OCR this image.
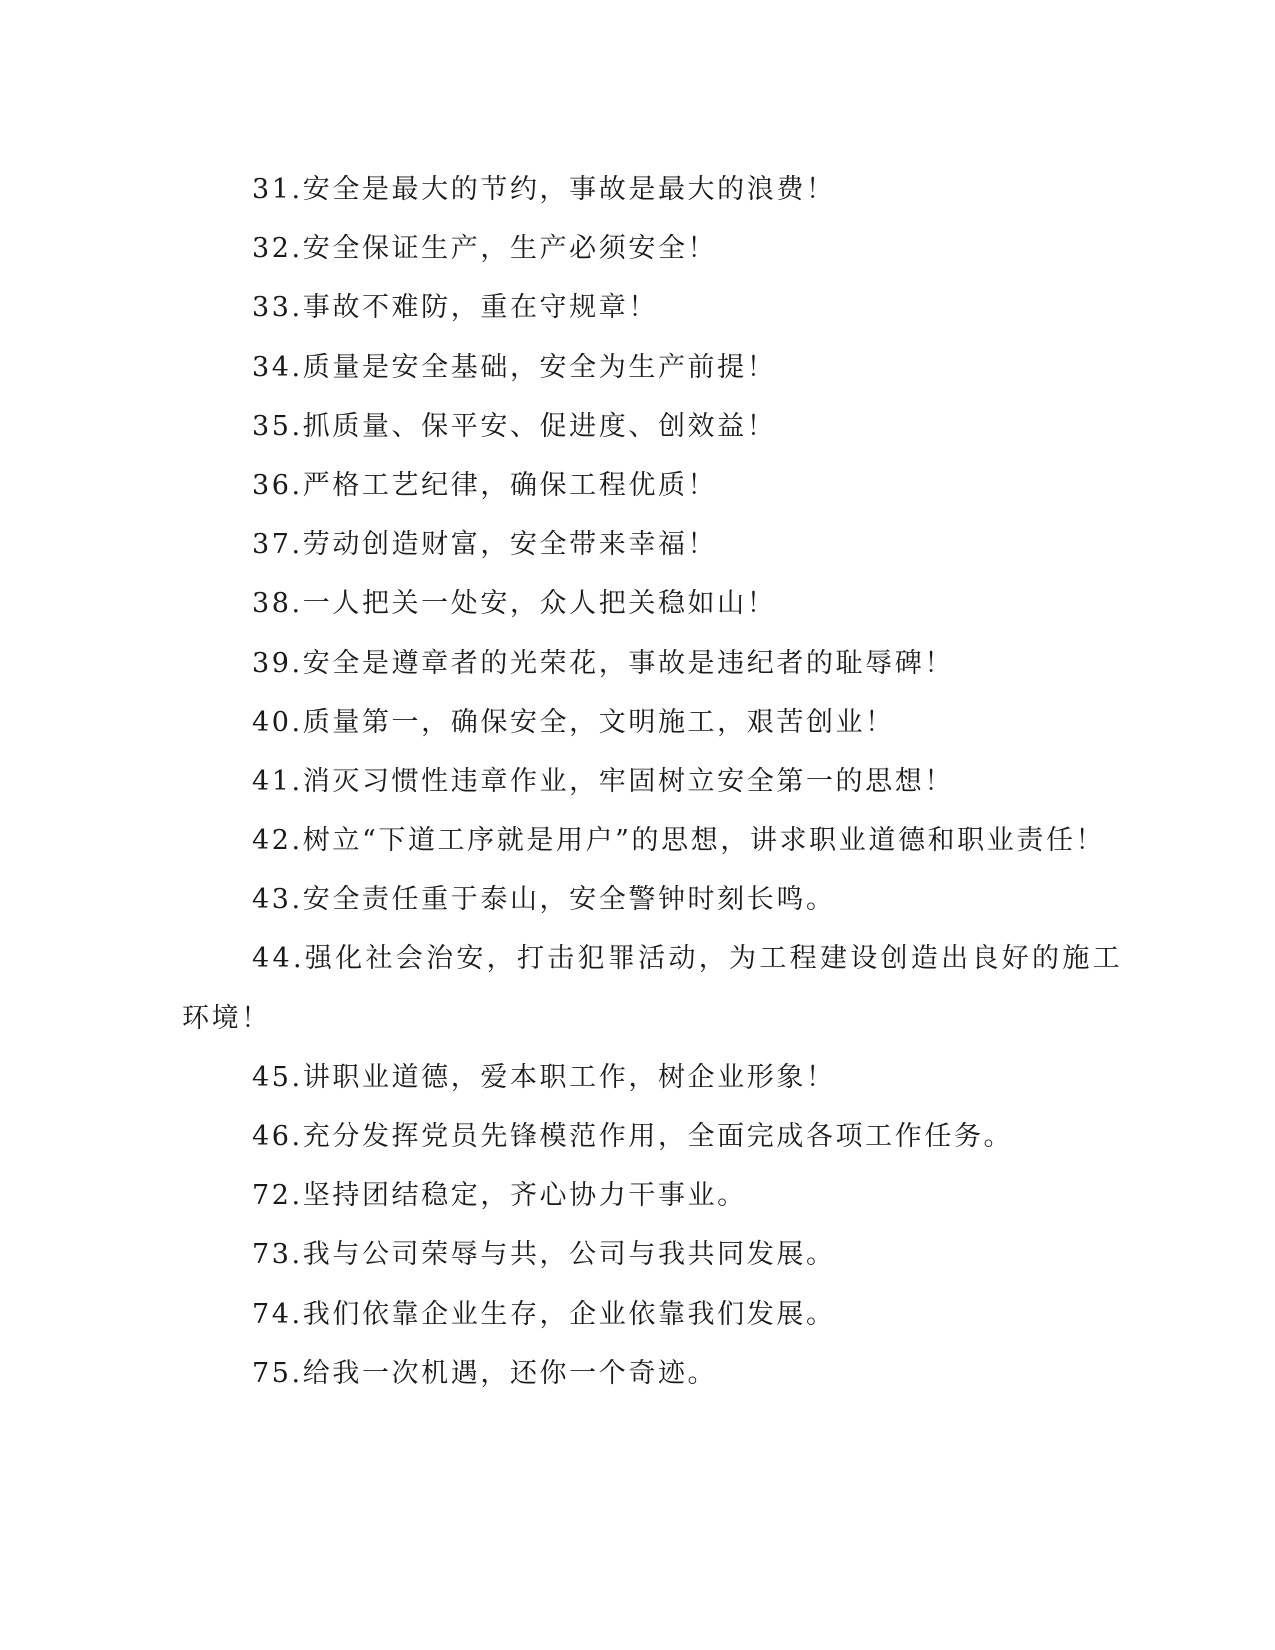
31.安全是最大的节约，事故是最大的浪费！
32.安全保证生产，生产必须安全！
33.事故不难防，重在守规章！
34.质量是安全基础，安全为生产前提！
35.抓质量、保平安、促进度、创效益！
36.严格工艺纪律，确保工程优质！
37.劳动创造财富，安全带来幸福！
38.一人把关一处安，众人把关稳如山！
39.安全是遵章者的光荣花，事故是违纪者的耻辱碑！
40.质量第一，确保安全，文明施工，艰苦创业！
41.消灭习惯性违章作业，牢固树立安全第一的思想！
42.树立“下道工序就是用户”的思想，讲求职业道德和职业责任！
43.安全责任重于泰山，安全警钟时刻长鸣。
44.强化社会治安，打击犯罪活动，为工程建设创造出良好的施工
环境！
45.讲职业道德，爱本职工作，树企业形象！
46.充分发挥党员先锋模范作用，全面完成各项工作任务。
72.坚持团结稳定，齐心协力干事业。
73.我与公司荣辱与共，公司与我共同发展。
74.我们依靠企业生存，企业依靠我们发展。
75.给我一次机遇，还你一个奇迹。
